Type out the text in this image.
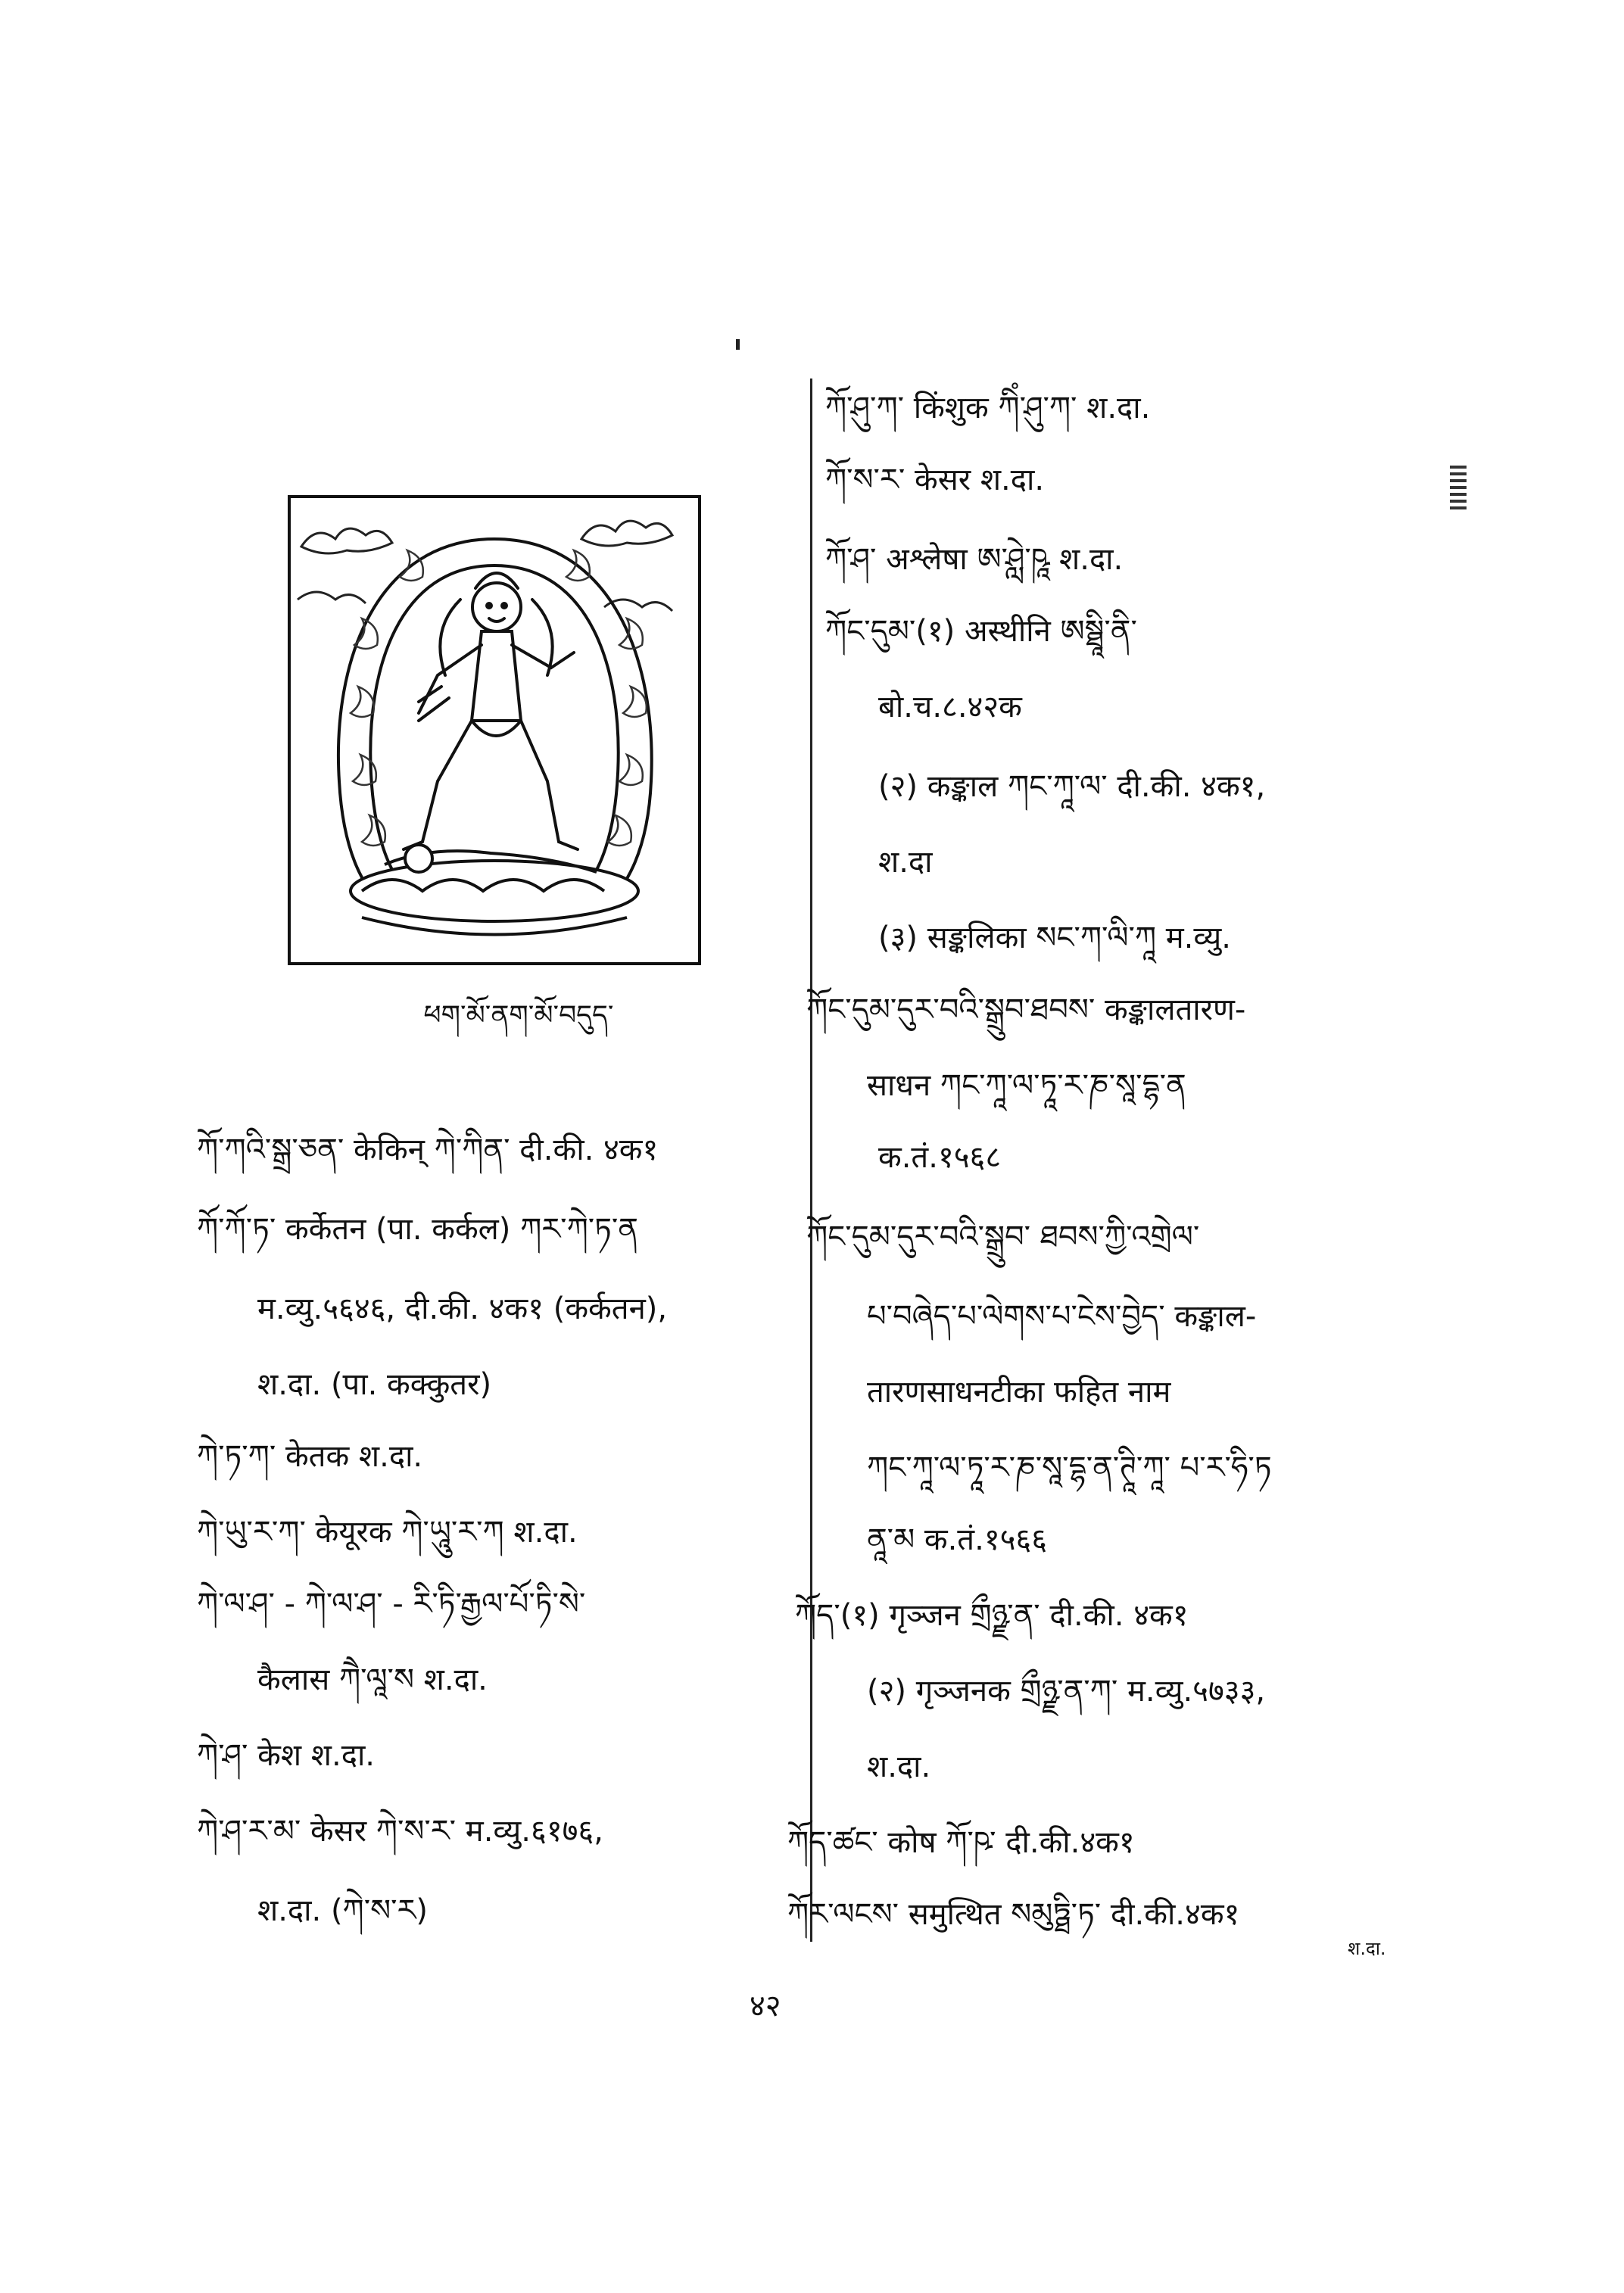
ཕག་མོ་ནག་མོ་བདུད་
ཀོ་ཤུ་ཀ་ किंशुक ཀིཾ་ཤུ་ཀ་ श.दा.
ཀོ་ས་ར་ केसर श.दा.
ཀོ་ཤ་ अश्लेषा ཨ་ཤླེ་ཥཱ श.दा.
ཀོང་དུམ་(१) अस्थीनि ཨསྠཱི་ནི་
बो.च.८.४२क
(२) कङ्काल ཀང་ཀཱ་ལ་ दी.की. ४क१,
श.दा
(३) सङ्कलिका སང་ཀ་ལི་ཀཱ म.व्यु.
ཀོང་དུམ་དུར་བའི་སྒྲུབ་ཐབས་ कङ्कालतारण-
साधन ཀང་ཀཱ་ལ་ཏཱ་ར་ཎ་སཱ་དྷ་ན
क.तं.१५६८
ཀོང་དུམ་དུར་བའི་སྒྲུབ་ ཐབས་ཀྱི་འགྲེལ་
པ་བཞེད་པ་ལེགས་པ་ངེས་བྱེད་ कङ्काल-
तारणसाधनटीका फहित नाम
ཀང་ཀཱ་ལ་ཏཱ་ར་ཎ་སཱ་དྷ་ན་ཊཱི་ཀཱ་ པ་ར་ཧི་ཏ
ནཱ་མ क.तं.१५६६
ཀོད་(१) गृञ्जन གྲྀཉྫ་ན་ दी.की. ४क१
(२) गृञ्जनक གྲྀཉྫ་ན་ཀ་ म.व्यु.५७३३,
श.दा.
ཀོད་ཚང་ कोष ཀོ་ཥ་ दी.की.४क१
ཀོར་ལངས་ समुत्थित སམུཏྠི་ཏ་ दी.की.४क१
श.दा.
ཀོ་ཀའི་སྒྲ་ཅན་ केकिन् ཀེ་ཀིན་ दी.की. ४क१
ཀོ་ཀོ་ཏ་ कर्केतन (पा. कर्कल) ཀར་ཀེ་ཏ་ན
म.व्यु.५६४६, दी.की. ४क१ (कर्कतन),
श.दा. (पा. कक्कुतर)
ཀེ་ཏ་ཀ་ केतक श.दा.
ཀེ་ཡུ་ར་ཀ་ केयूरक ཀེ་ཡཱུ་ར་ཀ श.दा.
ཀེ་ལ་ཤ་ - ཀེ་ལ་ཤ་ - རི་ཏི་རྒྱལ་པོ་ཏི་སེ་
कैलास ཀཻ་ལཱ་ས श.दा.
ཀེ་ཤ་ केश श.दा.
ཀེ་ཤ་ར་མ་ केसर ཀེ་ས་ར་ म.व्यु.६१७६,
श.दा. (ཀེ་ས་ར)
४२
